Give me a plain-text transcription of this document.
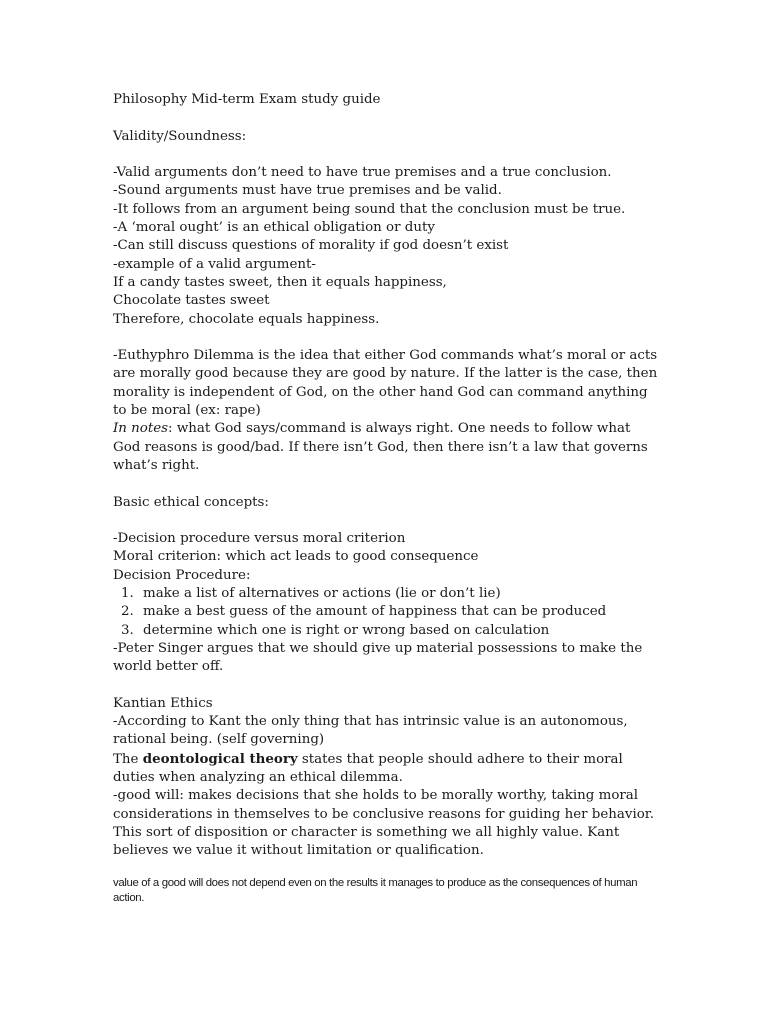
Philosophy Mid-term Exam study guide

Validity/Soundness:

-Valid arguments don’t need to have true premises and a true conclusion.

-Sound arguments must have true premises and be valid.

-It follows from an argument being sound that the conclusion must be true.

-A ‘moral ought’ is an ethical obligation or duty

-Can still discuss questions of morality if god doesn’t exist

-example of a valid argument-

If a candy tastes sweet, then it equals happiness,

Chocolate tastes sweet

Therefore, chocolate equals happiness.

-Euthyphro Dilemma is the idea that either God commands what’s moral or acts are morally good because they are good by nature. If the latter is the case, then morality is independent of God, on the other hand God can command anything to be moral (ex: rape)

In notes: what God says/command is always right. One needs to follow what God reasons is good/bad. If there isn’t God, then there isn’t a law that governs what’s right.

Basic ethical concepts:

-Decision procedure versus moral criterion

Moral criterion: which act leads to good consequence

Decision Procedure:

1. make a list of alternatives or actions (lie or don’t lie)
2. make a best guess of the amount of happiness that can be produced
3. determine which one is right or wrong based on calculation

-Peter Singer argues that we should give up material possessions to make the world better off.

Kantian Ethics

-According to Kant the only thing that has intrinsic value is an autonomous, rational being. (self governing)

The deontological theory states that people should adhere to their moral duties when analyzing an ethical dilemma.

-good will: makes decisions that she holds to be morally worthy, taking moral considerations in themselves to be conclusive reasons for guiding her behavior. This sort of disposition or character is something we all highly value. Kant believes we value it without limitation or qualification.

value of a good will does not depend even on the results it manages to produce as the consequences of human action.
